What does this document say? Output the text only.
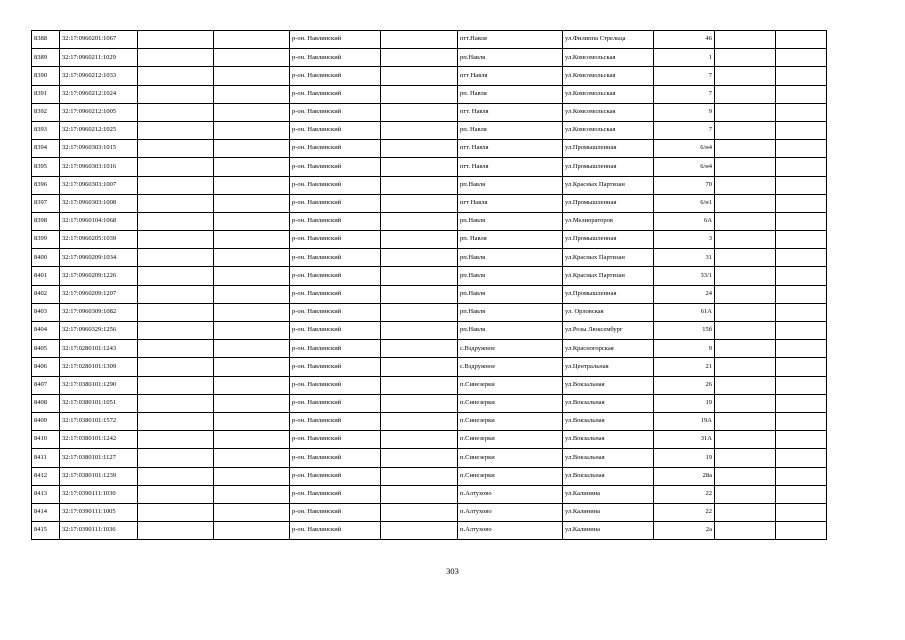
8388	32:17:0960201:1067			р-он. Навлинский		пгт.Навля	ул.Филиппа Стрельца	46		
8389	32:17:0960211:1029			р-он. Навлинский		рп.Навля	ул.Комсомольская	1		
8390	32:17:0960212:1033			р-он. Навлинский		пгт Навля	ул.Комсомольская	7		
8391	32:17:0960212:1024			р-он. Навлинский		рп. Навля	ул.Комсомольская	7		
8392	32:17:0960212:1005			р-он. Навлинский		пгт. Навля	ул.Комсомольская	9		
8393	32:17:0960212:1025			р-он. Навлинский		рп. Навля	ул.Комсомольская	7		
8394	32:17:0960303:1015			р-он. Навлинский		пгт. Навля	ул.Промышленная	6/н4		
8395	32:17:0960303:1016			р-он. Навлинский		пгт. Навля	ул.Промышленная	6/н4		
8396	32:17:0960303:1007			р-он. Навлинский		рп.Навля	ул.Красных Партизан	70		
8397	32:17:0960303:1008			р-он. Навлинский		пгт Навля	ул.Промышленная	6/н1		
8398	32:17:0960104:1068			р-он. Навлинский		рп.Навля	ул.Мелиораторов	6А		
8399	32:17:0960205:1039			р-он. Навлинский		рп. Навля	ул.Промышленная	3		
8400	32:17:0960209:1034			р-он. Навлинский		рп.Навля	ул.Красных Партизан	31		
8401	32:17:0960209:1226			р-он. Навлинский		рп.Навля	ул.Красных Партизан	33/1		
8402	32:17:0960209:1207			р-он. Навлинский		рп.Навля	ул.Промышленная	24		
8403	32:17:0960309:1082			р-он. Навлинский		рп.Навля	ул. Орловская	61А		
8404	32:17:0960329:1256			р-он. Навлинский		рп.Навля	ул.Розы Люксембург	15б		
8405	32:17:0280101:1243			р-он. Навлинский		с.Вздружное	ул.Красногорская	9		
8406	32:17:0280101:1309			р-он. Навлинский		с.Вздружное	ул.Центральная	21		
8407	32:17:0380101:1290			р-он. Навлинский		п.Синезерки	ул.Вокзальная	26		
8408	32:17:0380101:1051			р-он. Навлинский		п.Синезерки	ул.Вокзальная	19		
8409	32:17:0380101:1572			р-он. Навлинский		п.Синезерки	ул.Вокзальная	19А		
8410	32:17:0380101:1242			р-он. Навлинский		п.Синезерки	ул.Вокзальная	31А		
8411	32:17:0380101:1127			р-он. Навлинский		п.Синезерки	ул.Вокзальная	19		
8412	32:17:0380101:1239			р-он. Навлинский		п.Синезерки	ул.Вокзальная	28а		
8413	32:17:0390111:1030			р-он. Навлинский		п.Алтухово	ул.Калинина	22		
8414	32:17:0390111:1005			р-он. Навлинский		п.Алтухово	ул.Калинина	22		
8415	32:17:0390111:1036			р-он. Навлинский		п.Алтухово	ул.Калинина	2а		
303
